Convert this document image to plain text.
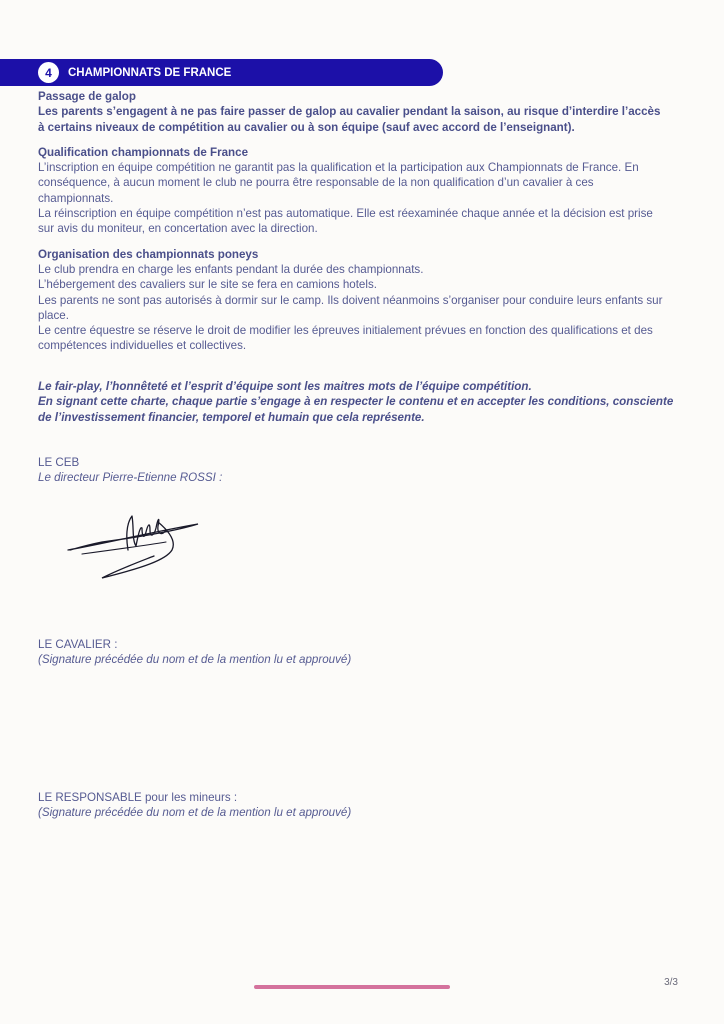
4	CHAMPIONNATS DE FRANCE
Passage de galop

Les parents s’engagent à ne pas faire passer de galop au cavalier pendant la saison, au risque d’interdire l’accès à certains niveaux de compétition au cavalier ou à son équipe (sauf avec accord de l’enseignant).

Qualification championnats de France

L’inscription en équipe compétition ne garantit pas la qualification et la participation aux Championnats de France. En conséquence, à aucun moment le club ne pourra être responsable de la non qualification d’un cavalier à ces championnats.

La réinscription en équipe compétition n’est pas automatique. Elle est réexaminée chaque année et la décision est prise sur avis du moniteur, en concertation avec la direction.

Organisation des championnats poneys

Le club prendra en charge les enfants pendant la durée des championnats.

L’hébergement des cavaliers sur le site se fera en camions hotels.

Les parents ne sont pas autorisés à dormir sur le camp. Ils doivent néanmoins s’organiser pour conduire leurs enfants sur place.

Le centre équestre se réserve le droit de modifier les épreuves initialement prévues en fonction des qualifications et des compétences individuelles et collectives.

Le fair-play, l’honnêteté et l’esprit d’équipe sont les maitres mots de l’équipe compétition.

En signant cette charte, chaque partie s’engage à en respecter le contenu et en accepter les conditions, consciente de l’investissement financier, temporel et humain que cela représente.

LE CEB
Le directeur Pierre-Etienne ROSSI :
LE CAVALIER :
(Signature précédée du nom et de la mention lu et approuvé)
LE RESPONSABLE pour les mineurs :
(Signature précédée du nom et de la mention lu et approuvé)
3/3
